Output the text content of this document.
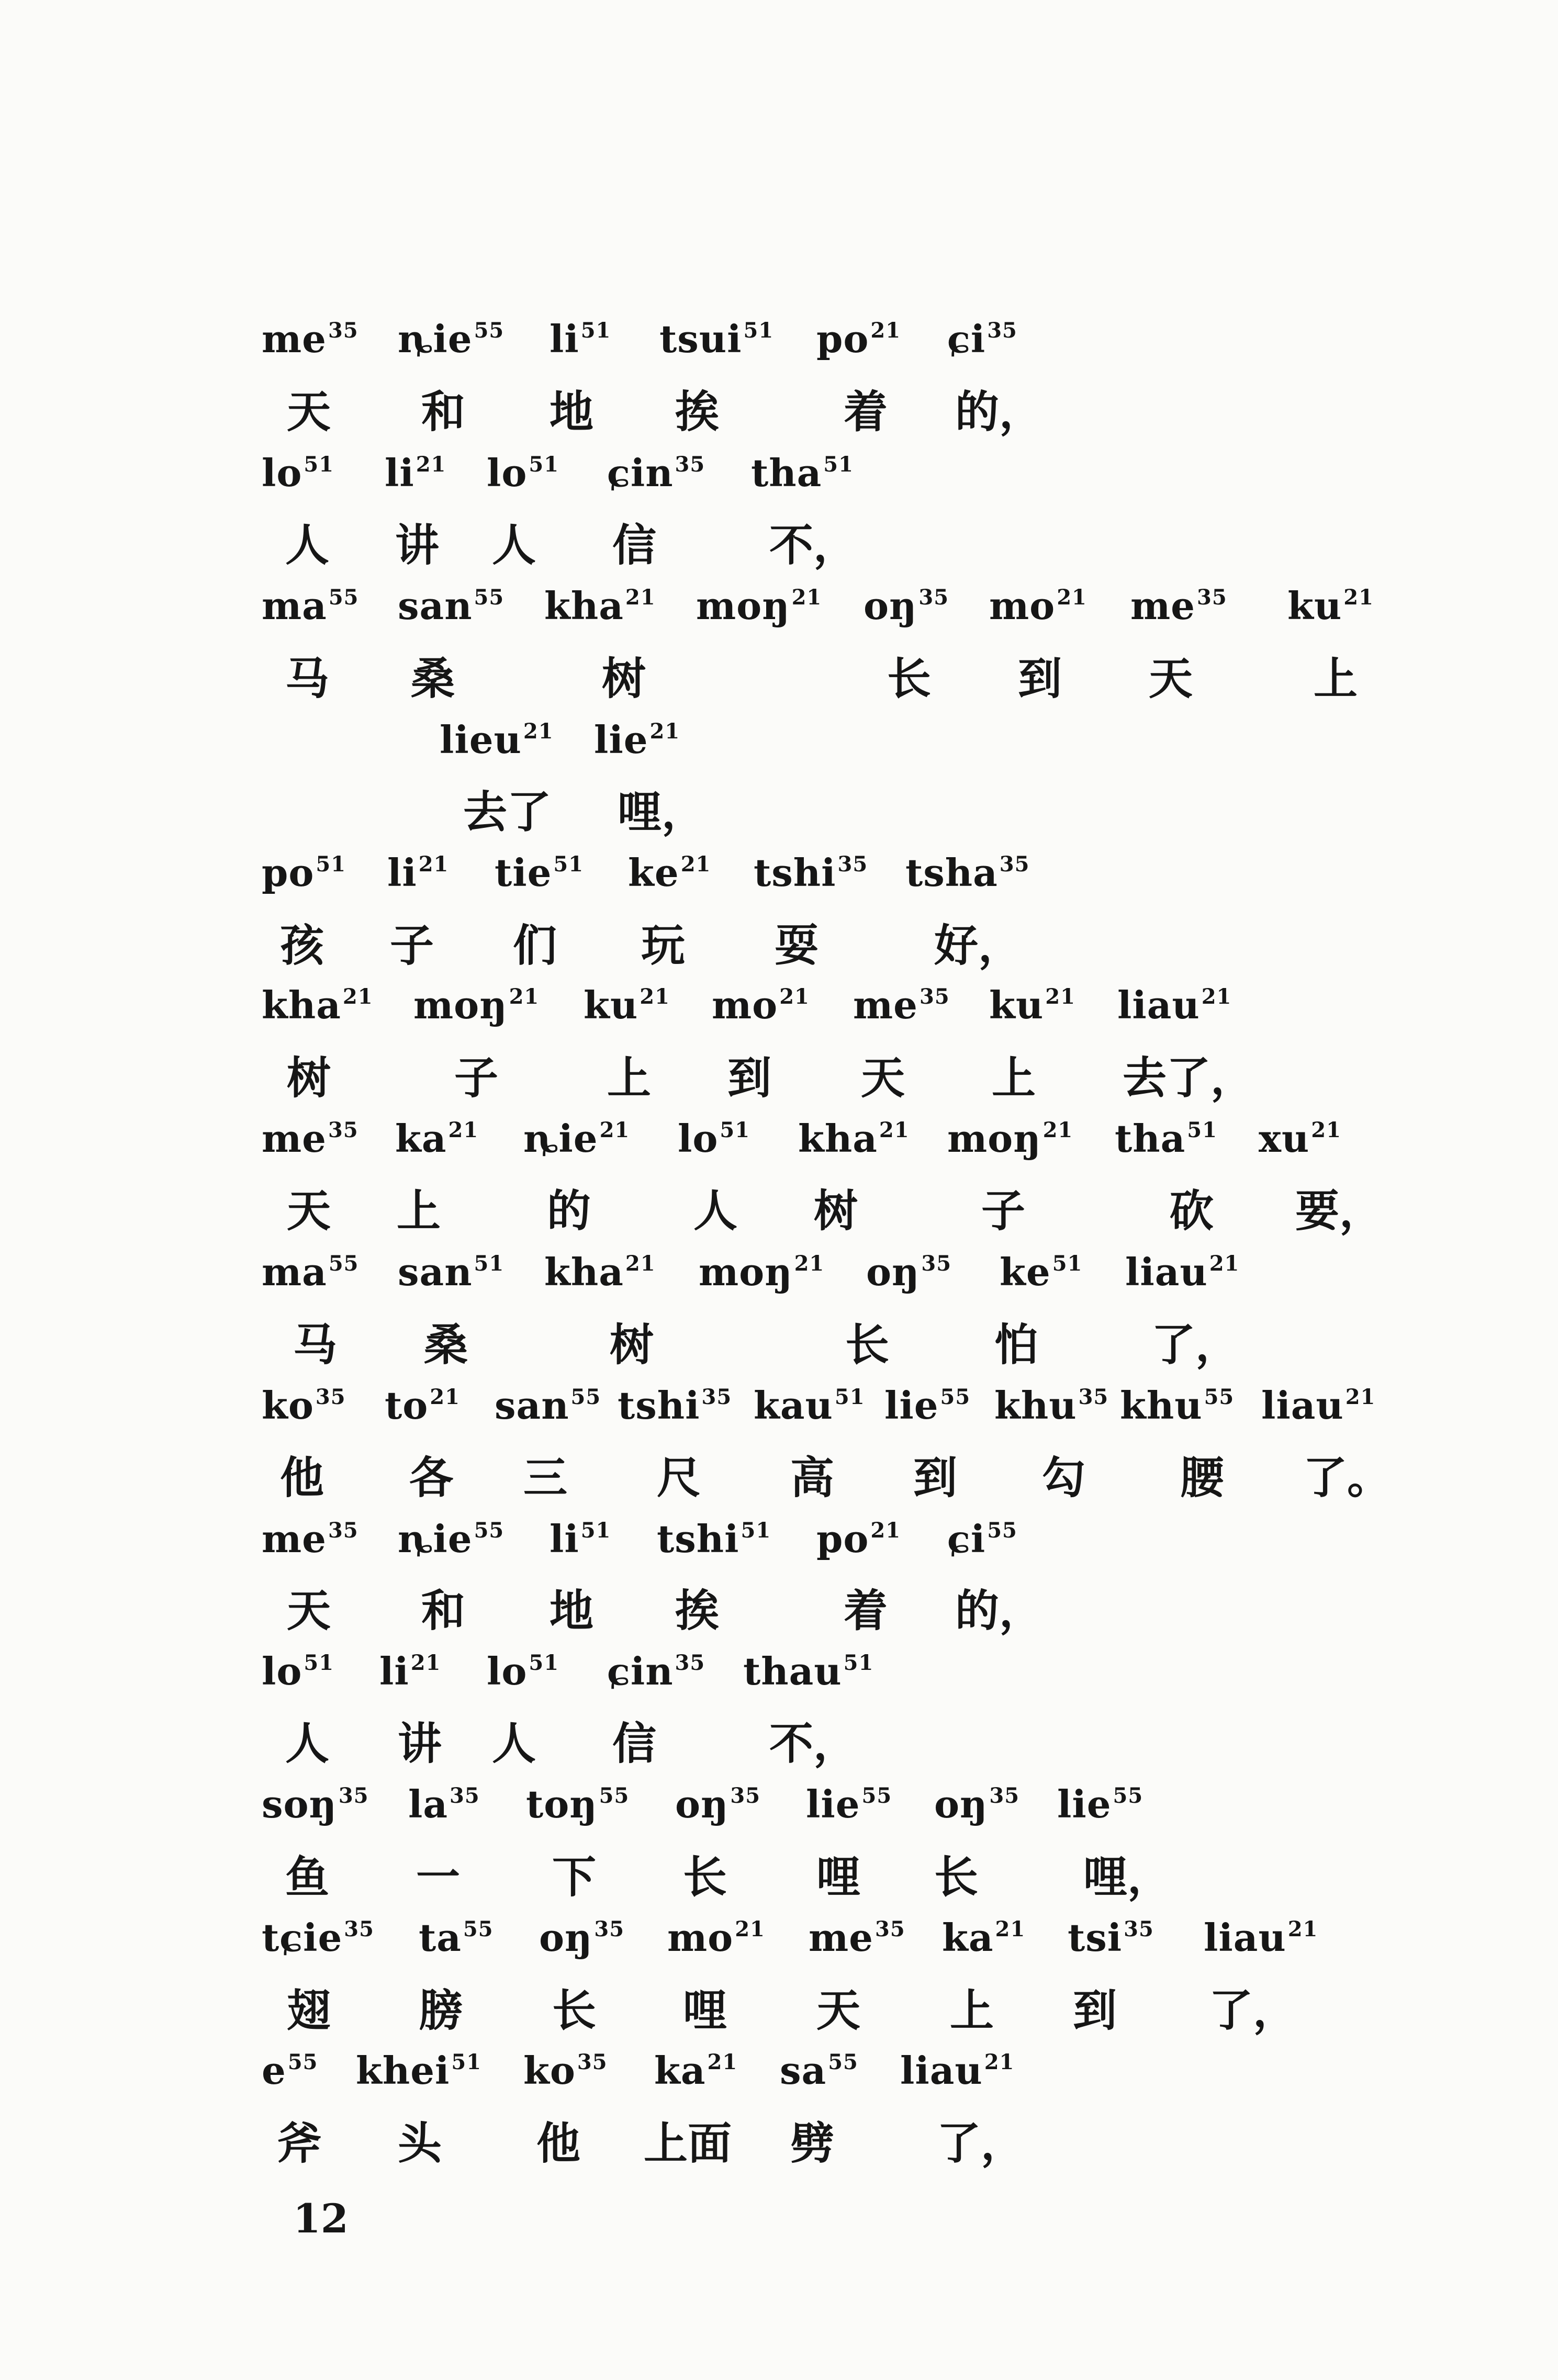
$me^{35}$ ȵie$^{55}$ $li^{51}$ tsui$^{51}$ $po^{21}$ ɕi$^{35}$
天 和 地 挨	着 的，
$lo^{51}$ $li^{21}$ $lo^{51}$ ɕin$^{35}$ tha$^{51}$
人 讲 人 信	不，
$ma^{55}$ san$^{55}$ kha$^{21}$ moŋ$^{21}$ $oŋ^{35}$ $mo^{21}$ $me^{35}$ $ku^{21}$
马 桑	树	长 到 天	上
lieu$^{21}$ lie$^{21}$
去了 哩，
$po^{51}$ $li^{21}$ tie$^{51}$ $ke^{21}$ tshi$^{35}$ tsha$^{35}$
孩 子 们 玩 耍	好，
kha$^{21}$ moŋ$^{21}$ $ku^{21}$ $mo^{21}$ $me^{35}$ $ku^{21}$ liau$^{21}$
树	子 上 到 天 上 去了，
$me^{35}$ $ka^{21}$ ȵie$^{21}$ $lo^{51}$ kha$^{21}$ moŋ$^{21}$ tha$^{51}$ $xu^{21}$
天 上 的 人 树	子	砍 要，
$ma^{55}$ san$^{51}$ kha$^{21}$ moŋ$^{21}$ $oŋ^{35}$ $ke^{51}$ liau$^{21}$
马 桑	树	长 怕	了，
$ko^{35}$ $to^{21}$ san$^{55}$ tshi$^{35}$ kau$^{51}$ lie$^{55}$ khu$^{35}$ khu$^{55}$ liau$^{21}$
他 各 三 尺 高 到 勾 腰 了。
$me^{35}$ ȵie$^{55}$ $li^{51}$ tshi$^{51}$ $po^{21}$ ɕi$^{55}$
天 和 地 挨	着 的，
$lo^{51}$ $li^{21}$ $lo^{51}$ ɕin$^{35}$ thau$^{51}$
人 讲 人 信	不，
soŋ$^{35}$ $la^{35}$ toŋ$^{55}$ $oŋ^{35}$ lie$^{55}$ $oŋ^{35}$ lie$^{55}$
鱼 一 下 长 哩 长 哩，
tɕie$^{35}$ $ta^{55}$ $oŋ^{35}$ $mo^{21}$ $me^{35}$ $ka^{21}$ tsi$^{35}$ liau$^{21}$
翅 膀 长 哩 天 上 到 了，
$e^{55}$ khei$^{51}$ $ko^{35}$ $ka^{21}$ $sa^{55}$ liau$^{21}$
斧 头 他 上面 劈 了，
12
